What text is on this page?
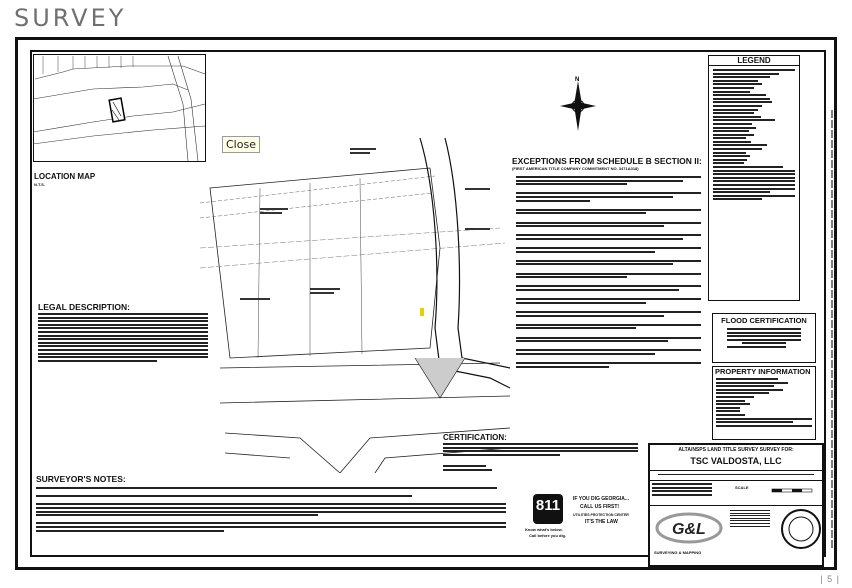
SURVEY
LOCATION MAP
N.T.S.
Close
N
EXCEPTIONS FROM SCHEDULE B SECTION II:
(FIRST AMERICAN TITLE COMPANY COMMITMENT NO. 3471A318)
LEGEND
FLOOD CERTIFICATION
PROPERTY INFORMATION
ALTA/NSPS LAND TITLE SURVEY SURVEY FOR:
TSC VALDOSTA, LLC
SCALE
G&L
SURVEYING & MAPPING
LEGAL DESCRIPTION:
SURVEYOR'S NOTES:
CERTIFICATION:
811
Know what's below.
Call before you dig.
IF YOU DIG GEORGIA...
CALL US FIRST!
UTILITIES PROTECTION CENTER
IT'S THE LAW
| 5 |
